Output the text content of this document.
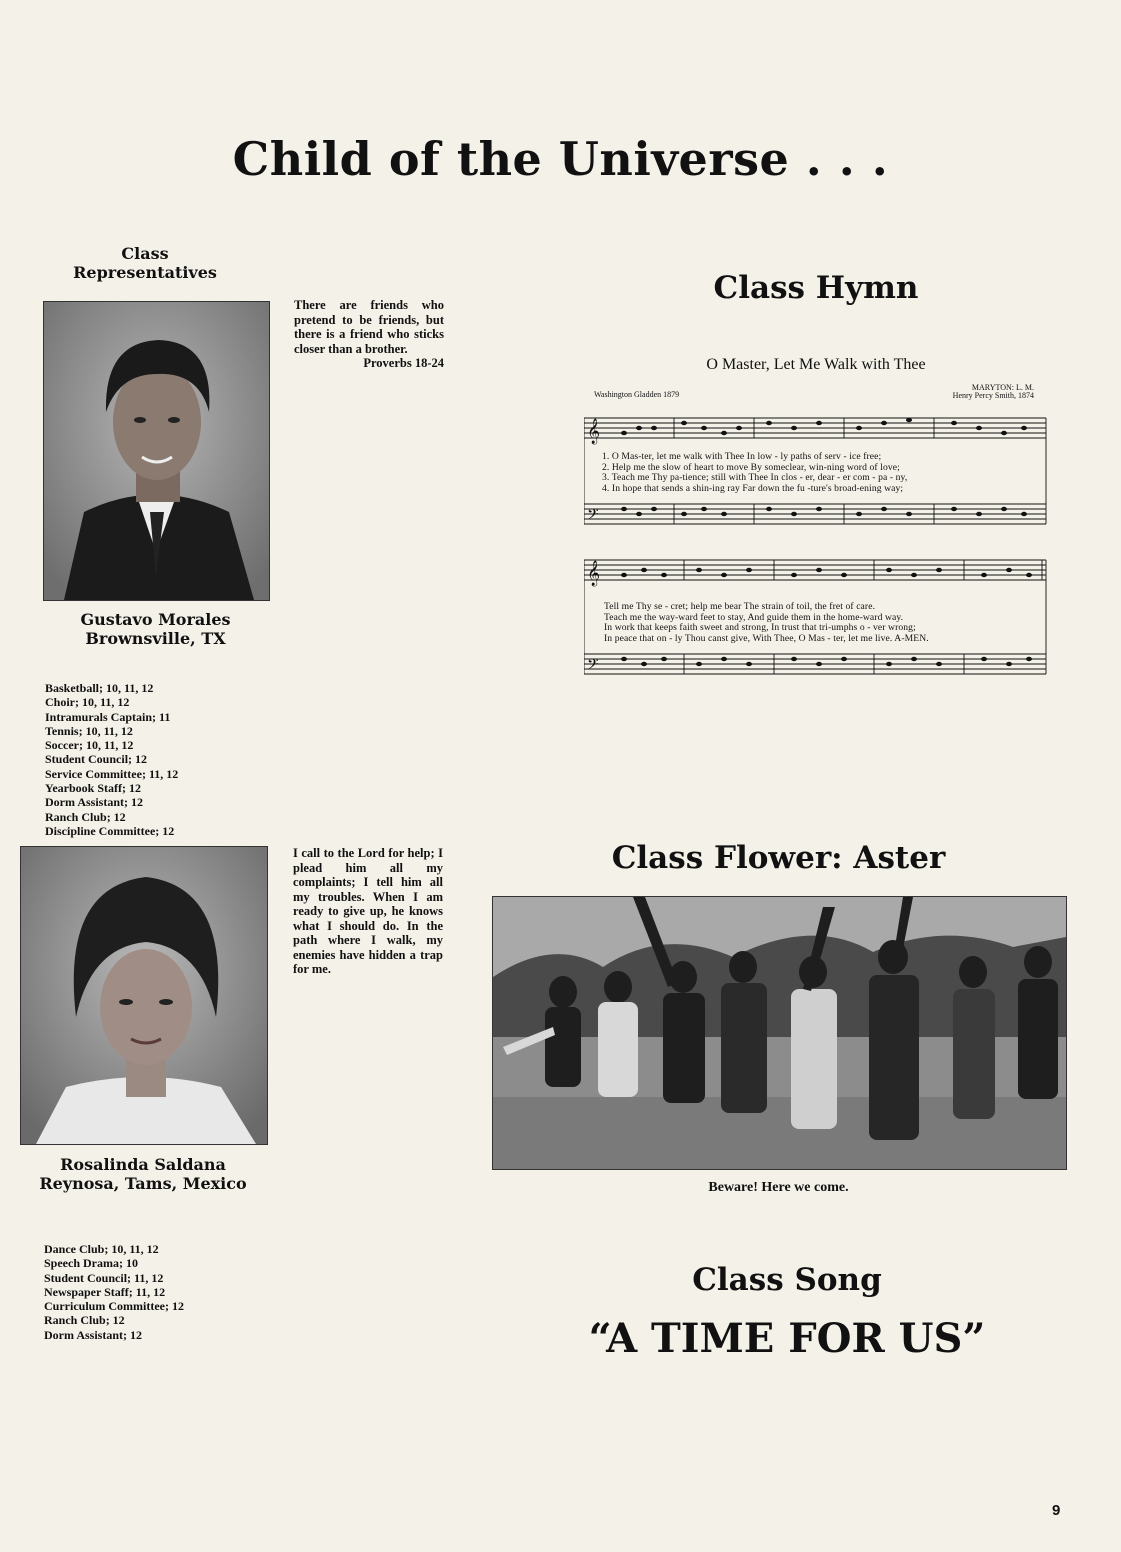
Child of the Universe . . .
Class
Representatives
There are friends who pretend to be friends, but there is a friend who sticks closer than a brother.
Proverbs 18-24
Gustavo Morales
Brownsville, TX
Basketball; 10, 11, 12
Choir; 10, 11, 12
Intramurals Captain; 11
Tennis; 10, 11, 12
Soccer; 10, 11, 12
Student Council; 12
Service Committee; 11, 12
Yearbook Staff; 12
Dorm Assistant; 12
Ranch Club; 12
Discipline Committee; 12
I call to the Lord for help; I plead him all my complaints; I tell him all my troubles. When I am ready to give up, he knows what I should do. In the path where I walk, my enemies have hidden a trap for me.
Rosalinda Saldana
Reynosa, Tams, Mexico
Dance Club; 10, 11, 12
Speech Drama; 10
Student Council; 11, 12
Newspaper Staff; 11, 12
Curriculum Committee; 12
Ranch Club; 12
Dorm Assistant; 12
Class Hymn
O Master, Let Me Walk with Thee
Washington Gladden 1879
MARYTON: L. M.
Henry Percy Smith, 1874
𝄞
𝄢
𝄞
𝄢
1. O Mas-ter, let me walk with Thee In low - ly paths of serv - ice free;
2. Help me the slow of heart to move By someclear, win-ning word of love;
3. Teach me Thy pa-tience; still with Thee In clos - er, dear - er com - pa - ny,
4. In hope that sends a shin-ing ray Far down the fu -ture's broad-ening way;
Tell me Thy se - cret; help me bear The strain of toil, the fret of care.
Teach me the way-ward feet to stay, And guide them in the home-ward way.
In work that keeps faith sweet and strong, In trust that tri-umphs o - ver wrong;
In peace that on - ly Thou canst give, With Thee, O Mas - ter, let me live. A-MEN.
Class Flower: Aster
Beware! Here we come.
Class Song
“A TIME FOR US”
9
